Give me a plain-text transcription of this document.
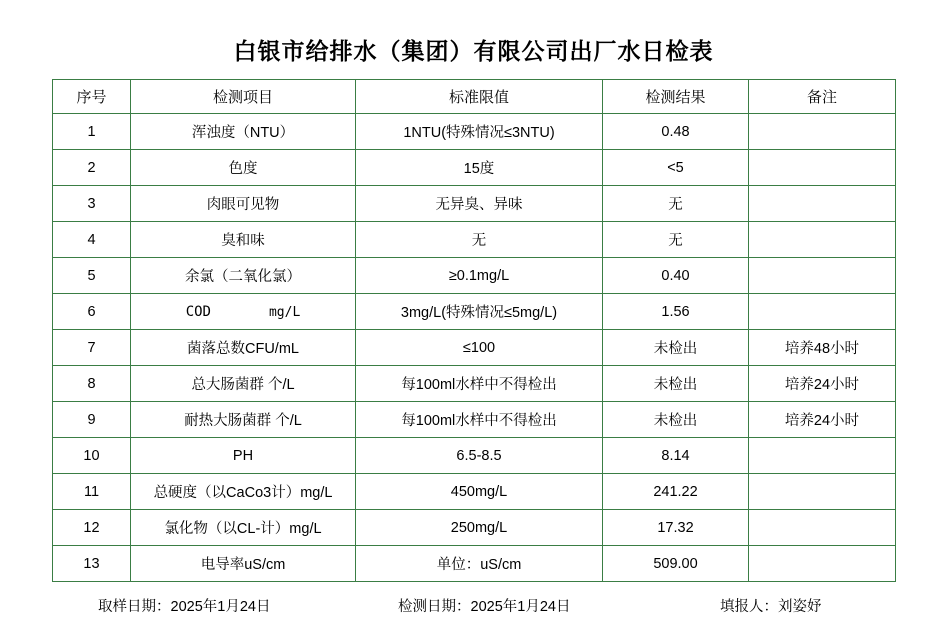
白银市给排水（集团）有限公司出厂水日检表
序号	检测项目	标准限值	检测结果	备注
1	浑浊度（NTU）	1NTU(特殊情况≤3NTU)	0.48	
2	色度	15度	<5	
3	肉眼可见物	无异臭、异味	无	
4	臭和味	无	无	
5	余氯（二氧化氯）	≥0.1mg/L	0.40	
6	COD mg/L	3mg/L(特殊情况≤5mg/L)	1.56	
7	菌落总数CFU/mL	≤100	未检出	培养48小时
8	总大肠菌群 个/L	每100ml水样中不得检出	未检出	培养24小时
9	耐热大肠菌群 个/L	每100ml水样中不得检出	未检出	培养24小时
10	PH	6.5-8.5	8.14	
11	总硬度（以CaCo3计）mg/L	450mg/L	241.22	
12	氯化物（以CL-计）mg/L	250mg/L	17.32	
13	电导率uS/cm	单位：uS/cm	509.00	
取样日期：2025年1月24日	检测日期：2025年1月24日	填报人：刘姿妤
